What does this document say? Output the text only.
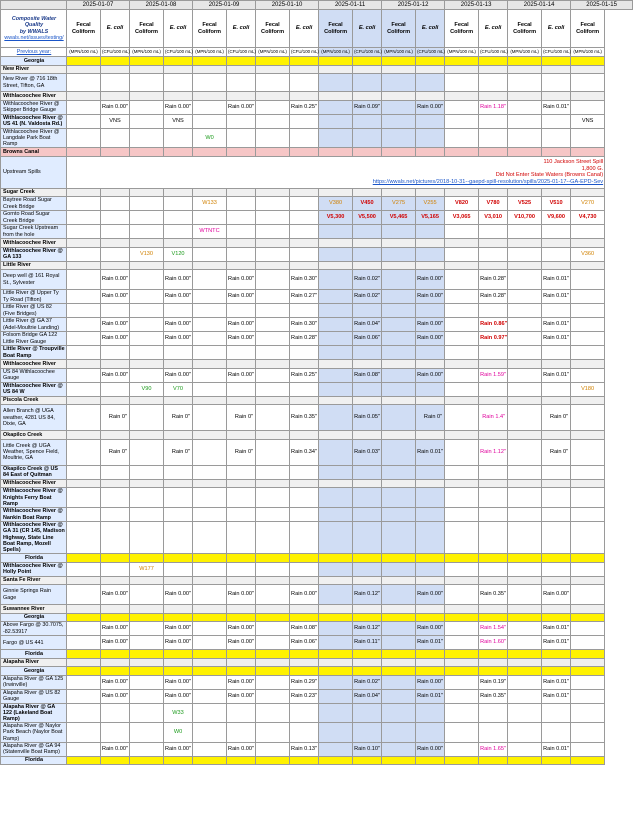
	2025-01-07		2025-01-08		2025-01-09		2025-01-10		2025-01-11		2025-01-12		2025-01-13		2025-01-14		2025-01-15
Composite Water Quality
by WWALS
wwals.net/issues/testing/	Fecal Coliform	E. coli	Fecal Coliform	E. coli	Fecal Coliform	E. coli	Fecal Coliform	E. coli	Fecal Coliform	E. coli	Fecal Coliform	E. coli	Fecal Coliform	E. coli	Fecal Coliform	E. coli	Fecal Coliform
Previous year:	(MPN/100 mL)	(CFU/100 mL)	(MPN/100 mL)	(CFU/100 mL)	(MPN/100 mL)	(CFU/100 mL)	(MPN/100 mL)	(CFU/100 mL)	(MPN/100 mL)	(CFU/100 mL)	(MPN/100 mL)	(CFU/100 mL)	(MPN/100 mL)	(CFU/100 mL)	(MPN/100 mL)	(CFU/100 mL)	(MPN/100 mL)
Georgia																	
New River																	
New River @ 716 18th Street, Tifton, GA																	
Withlacoochee River																	
Withlacoochee River @ Skipper Bridge Gauge		Rain 0.00"		Rain 0.00"		Rain 0.00"		Rain 0.25"		Rain 0.09"		Rain 0.00"		Rain 1.18"		Rain 0.01"	
Withlacoochee River @ US 41 (N. Valdosta Rd.)		VNS		VNS													VNS
Withlacoochee River @ Langdale Park Boat Ramp					W0												
Browns Canal																	
Upstream Spills	110 Jackson Street Spill
1,800 G.
Did Not Enter State Waters (Browns Canal)
https://wwals.net/pictures/2018-10-31--gaepd-spill-resolution/spills/2025-01-17--GA-EPD-Sev																
Sugar Creek																	
Baytree Road Sugar Creek Bridge					W133				V380	V450	V275	V255	V820	V780	V525	V510	V270
Gornto Road Sugar Creek Bridge									V5,300	V5,500	V5,465	V5,165	V3,065	V3,010	V10,700	V9,600	V4,730
Sugar Creek Upstream from the hole					WTNTC												
Withlacoochee River																	
Withlacoochee River @ GA 133			V130	V120													V360
Little River																	
Deep well @ 161 Royal St., Sylvester		Rain 0.00"		Rain 0.00"		Rain 0.00"		Rain 0.30"		Rain 0.02"		Rain 0.00"		Rain 0.28"		Rain 0.01"	
Little River @ Upper Ty Ty Road (Tifton)		Rain 0.00"		Rain 0.00"		Rain 0.00"		Rain 0.27"		Rain 0.02"		Rain 0.00"		Rain 0.28"		Rain 0.01"	
Little River @ US 82 (Five Bridges)																	
Little River @ GA 37 (Adel-Moultrie Landing)		Rain 0.00"		Rain 0.00"		Rain 0.00"		Rain 0.30"		Rain 0.04"		Rain 0.00"		Rain 0.86"		Rain 0.01"	
Folsom Bridge GA 122 Little River Gauge		Rain 0.00"		Rain 0.00"		Rain 0.00"		Rain 0.28"		Rain 0.06"		Rain 0.00"		Rain 0.97"		Rain 0.01"	
Little River @ Troupville Boat Ramp																	
Withlacoochee River																	
US 84 Withlacoochee Gauge		Rain 0.00"		Rain 0.00"		Rain 0.00"		Rain 0.25"		Rain 0.08"		Rain 0.00"		Rain 1.59"		Rain 0.01"	
Withlacoochee River @ US 84 W			V90	V70													V180
Piscola Creek																	
Allen Branch @ UGA weather, 4281 US 84, Dixie, GA		Rain 0"		Rain 0"		Rain 0"		Rain 0.35"		Rain 0.05"		Rain 0"		Rain 1.4"		Rain 0"	
Okapilco Creek																	
Little Creek @ UGA Weather, Spence Field, Moultrie, GA		Rain 0"		Rain 0"		Rain 0"		Rain 0.34"		Rain 0.03"		Rain 0.01"		Rain 1.12"		Rain 0"	
Okapilco Creek @ US 84 East of Quitman																	
Withlacoochee River																	
Withlacoochee River @ Knights Ferry Boat Ramp																	
Withlacoochee River @ Nankin Boat Ramp																	
Withlacoochee River @ GA 31 (CR 145, Madison Highway, State Line Boat Ramp, Mozell Spells)																	
Florida																	
Withlacoochee River @ Holly Point			W177														
Santa Fe River																	
Ginnie Springs Rain Gage		Rain 0.00"		Rain 0.00"		Rain 0.00"		Rain 0.00"		Rain 0.12"		Rain 0.00"		Rain 0.35"		Rain 0.00"	
Suwannee River																	
Georgia																	
Above Fargo @ 30.7075, -82.53917		Rain 0.00"		Rain 0.00"		Rain 0.00"		Rain 0.08"		Rain 0.12"		Rain 0.00"		Rain 1.54"		Rain 0.01"	
Fargo @ US 441		Rain 0.00"		Rain 0.00"		Rain 0.00"		Rain 0.06"		Rain 0.11"		Rain 0.01"		Rain 1.60"		Rain 0.01"	
Florida																	
Alapaha River																	
Georgia																	
Alapaha River @ GA 125 (Irwinville)		Rain 0.00"		Rain 0.00"		Rain 0.00"		Rain 0.29"		Rain 0.02"		Rain 0.00"		Rain 0.19"		Rain 0.01"	
Alapaha River @ US 82 Gauge		Rain 0.00"		Rain 0.00"		Rain 0.00"		Rain 0.23"		Rain 0.04"		Rain 0.01"		Rain 0.35"		Rain 0.01"	
Alapaha River @ GA 122 (Lakeland Boat Ramp)				W33													
Alapaha River @ Naylor Park Beach (Naylor Boat Ramp)				W0													
Alapaha River @ GA 94 (Statenville Boat Ramp)		Rain 0.00"		Rain 0.00"		Rain 0.00"		Rain 0.13"		Rain 0.10"		Rain 0.00"		Rain 1.65"		Rain 0.01"	
Florida																	
